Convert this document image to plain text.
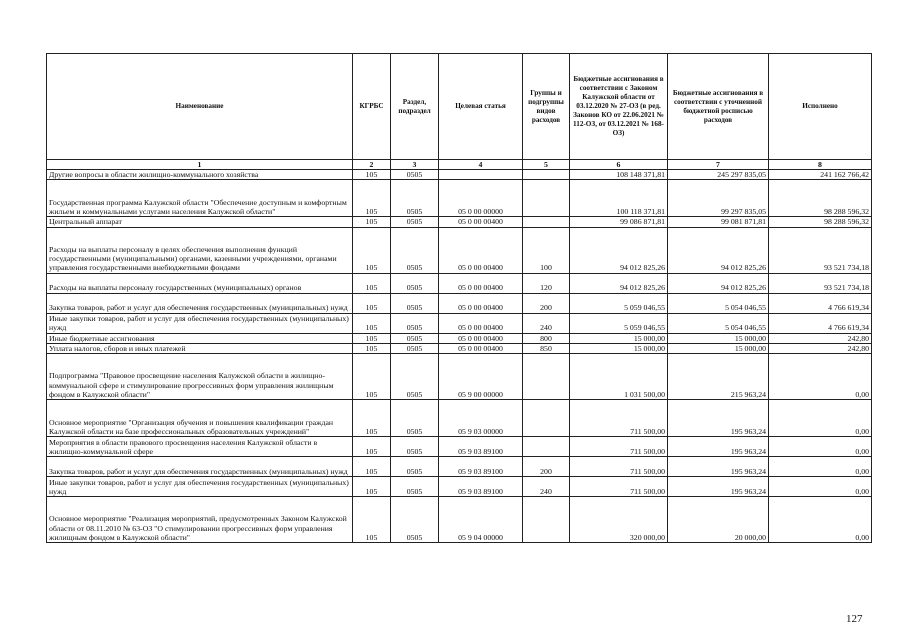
Наименование	КГРБС	Раздел, подраздел	Целевая статья	Группы и подгруппы видов расходов	Бюджетные ассигнования в соответствии с Законом Калужской области от 03.12.2020 № 27-ОЗ (в ред. Законов КО от 22.06.2021 № 112-ОЗ, от 03.12.2021 № 168-ОЗ)	Бюджетные ассигнования в соответствии с уточненной бюджетной росписью расходов	Исполнено
1	2	3	4	5	6	7	8
Другие вопросы в области жилищно-коммунального хозяйства	105	0505			108 148 371,81	245 297 835,05	241 162 766,42
Государственная программа Калужской области "Обеспечение доступным и комфортным жильем и коммунальными услугами населения Калужской области"	105	0505	05 0 00 00000		100 118 371,81	99 297 835,05	98 288 596,32
Центральный аппарат	105	0505	05 0 00 00400		99 086 871,81	99 081 871,81	98 288 596,32
Расходы на выплаты персоналу в целях обеспечения выполнения функций государственными (муниципальными) органами, казенными учреждениями, органами управления государственными внебюджетными фондами	105	0505	05 0 00 00400	100	94 012 825,26	94 012 825,26	93 521 734,18
Расходы на выплаты персоналу государственных (муниципальных) органов	105	0505	05 0 00 00400	120	94 012 825,26	94 012 825,26	93 521 734,18
Закупка товаров, работ и услуг для обеспечения государственных (муниципальных) нужд	105	0505	05 0 00 00400	200	5 059 046,55	5 054 046,55	4 766 619,34
Иные закупки товаров, работ и услуг для обеспечения государственных (муниципальных) нужд	105	0505	05 0 00 00400	240	5 059 046,55	5 054 046,55	4 766 619,34
Иные бюджетные ассигнования	105	0505	05 0 00 00400	800	15 000,00	15 000,00	242,80
Уплата налогов, сборов и иных платежей	105	0505	05 0 00 00400	850	15 000,00	15 000,00	242,80
Подпрограмма "Правовое просвещение населения Калужской области в жилищно-коммунальной сфере и стимулирование прогрессивных форм управления жилищным фондом в Калужской области"	105	0505	05 9 00 00000		1 031 500,00	215 963,24	0,00
Основное мероприятие "Организация обучения и повышения квалификации граждан Калужской области на базе профессиональных образовательных учреждений"	105	0505	05 9 03 00000		711 500,00	195 963,24	0,00
Мероприятия в области правового просвещения населения Калужской области в жилищно-коммунальной сфере	105	0505	05 9 03 89100		711 500,00	195 963,24	0,00
Закупка товаров, работ и услуг для обеспечения государственных (муниципальных) нужд	105	0505	05 9 03 89100	200	711 500,00	195 963,24	0,00
Иные закупки товаров, работ и услуг для обеспечения государственных (муниципальных) нужд	105	0505	05 9 03 89100	240	711 500,00	195 963,24	0,00
Основное мероприятие "Реализация мероприятий, предусмотренных Законом Калужской области от 08.11.2010 № 63-ОЗ "О стимулировании прогрессивных форм управления жилищным фондом в Калужской области"	105	0505	05 9 04 00000		320 000,00	20 000,00	0,00
127
